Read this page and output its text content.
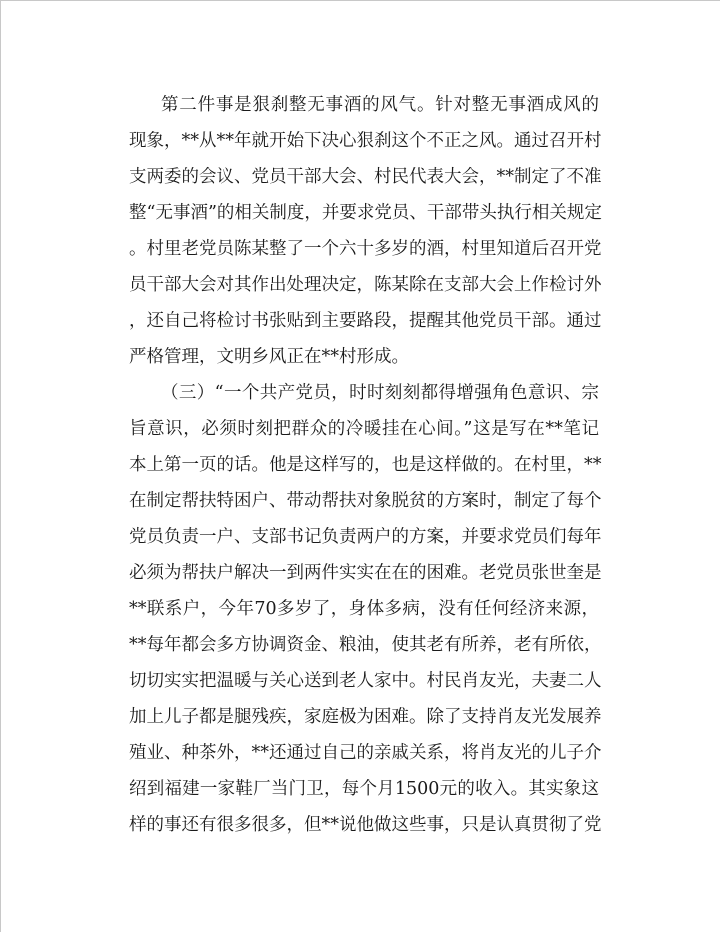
第二件事是狠刹整无事酒的风气。针对整无事酒成风的
现象，**从**年就开始下决心狠刹这个不正之风。通过召开村
支两委的会议、党员干部大会、村民代表大会，**制定了不准
整“无事酒”的相关制度，并要求党员、干部带头执行相关规定
。村里老党员陈某整了一个六十多岁的酒，村里知道后召开党
员干部大会对其作出处理决定，陈某除在支部大会上作检讨外
，还自己将检讨书张贴到主要路段，提醒其他党员干部。通过
严格管理，文明乡风正在**村形成。
（三）“一个共产党员，时时刻刻都得增强角色意识、宗
旨意识，必须时刻把群众的冷暖挂在心间。”这是写在**笔记
本上第一页的话。他是这样写的，也是这样做的。在村里，**
在制定帮扶特困户、带动帮扶对象脱贫的方案时，制定了每个
党员负责一户、支部书记负责两户的方案，并要求党员们每年
必须为帮扶户解决一到两件实实在在的困难。老党员张世奎是
**联系户，今年70多岁了，身体多病，没有任何经济来源，
**每年都会多方协调资金、粮油，使其老有所养，老有所依，
切切实实把温暖与关心送到老人家中。村民肖友光，夫妻二人
加上儿子都是腿残疾，家庭极为困难。除了支持肖友光发展养
殖业、种茶外，**还通过自己的亲戚关系，将肖友光的儿子介
绍到福建一家鞋厂当门卫，每个月1500元的收入。其实象这
样的事还有很多很多，但**说他做这些事，只是认真贯彻了党
